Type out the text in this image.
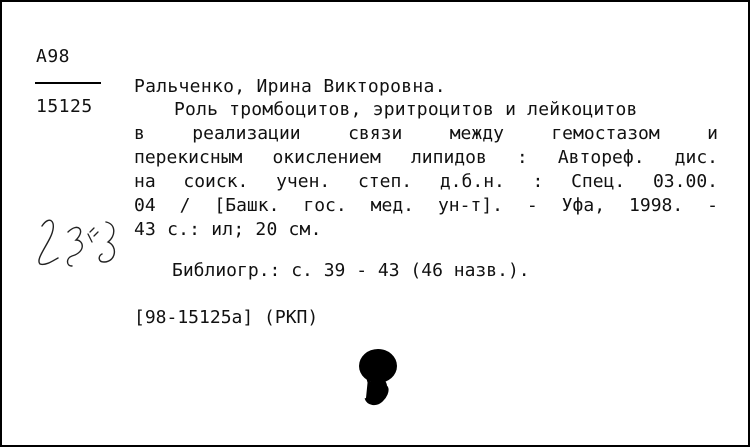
А98
15125
Ральченко, Ирина Викторовна.
Роль тромбоцитов, эритроцитов и лейкоцитов
в реализации связи между гемостазом и
перекисным окислением липидов : Автореф. дис.
на соиск. учен. степ. д.б.н. : Спец. 03.00.
04 / [Башк. гос. мед. ун-т]. - Уфа, 1998. -
43 с.: ил; 20 см.
Библиогр.: с. 39 - 43 (46 назв.).
[98-15125а] (РКП)
